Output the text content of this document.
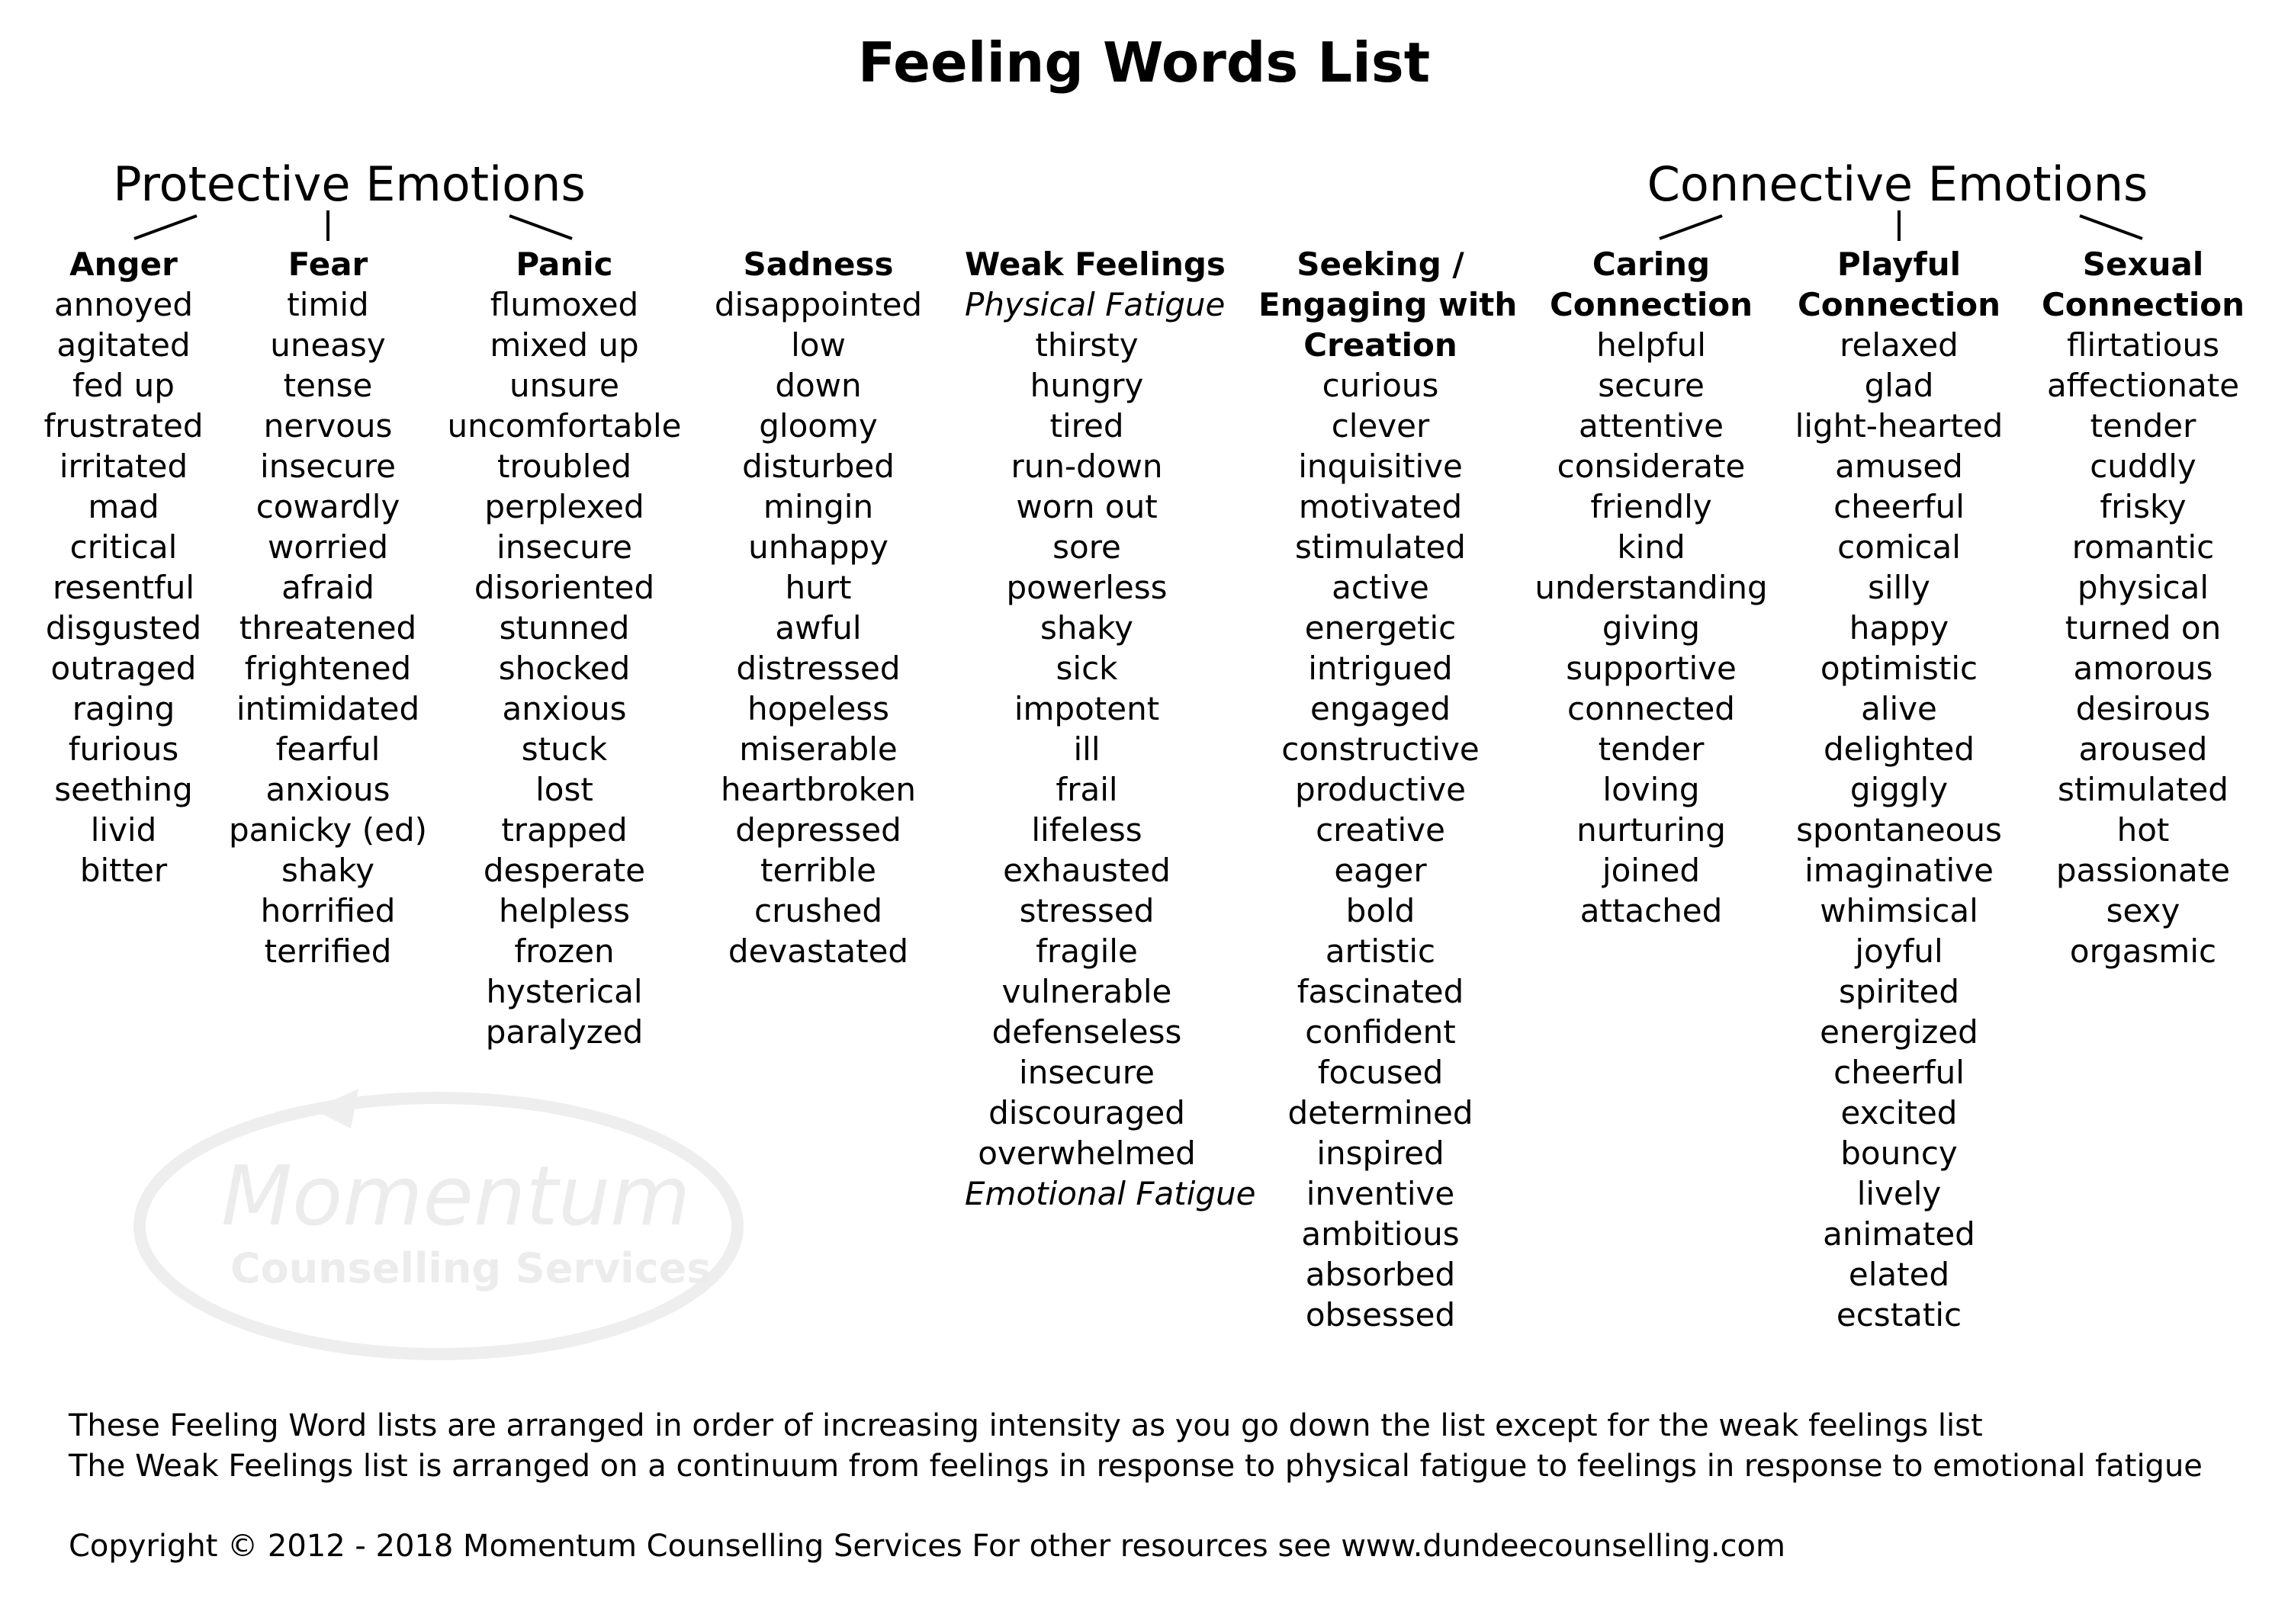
Feeling Words List
Protective Emotions	Connective Emotions
Anger
annoyed
agitated
fed up
frustrated
irritated
mad
critical
resentful
disgusted
outraged
raging
furious
seething
livid
bitter
Fear
timid
uneasy
tense
nervous
insecure
cowardly
worried
afraid
threatened
frightened
intimidated
fearful
anxious
panicky (ed)
shaky
horrified
terrified
Panic
flumoxed
mixed up
unsure
uncomfortable
troubled
perplexed
insecure
disoriented
stunned
shocked
anxious
stuck
lost
trapped
desperate
helpless
frozen
hysterical
paralyzed
Sadness
disappointed
low
down
gloomy
disturbed
mingin
unhappy
hurt
awful
distressed
hopeless
miserable
heartbroken
depressed
terrible
crushed
devastated
Weak Feelings
Physical Fatigue
thirsty
hungry
tired
run-down
worn out
sore
powerless
shaky
sick
impotent
ill
frail
lifeless
exhausted
stressed
fragile
vulnerable
defenseless
insecure
discouraged
overwhelmed
Emotional Fatigue
Seeking /
Engaging with
Creation
curious
clever
inquisitive
motivated
stimulated
active
energetic
intrigued
engaged
constructive
productive
creative
eager
bold
artistic
fascinated
confident
focused
determined
inspired
inventive
ambitious
absorbed
obsessed
Caring
Connection
helpful
secure
attentive
considerate
friendly
kind
understanding
giving
supportive
connected
tender
loving
nurturing
joined
attached
Playful
Connection
relaxed
glad
light-hearted
amused
cheerful
comical
silly
happy
optimistic
alive
delighted
giggly
spontaneous
imaginative
whimsical
joyful
spirited
energized
cheerful
excited
bouncy
lively
animated
elated
ecstatic
Sexual
Connection
flirtatious
affectionate
tender
cuddly
frisky
romantic
physical
turned on
amorous
desirous
aroused
stimulated
hot
passionate
sexy
orgasmic
Momentum
Counselling Services

These Feeling Word lists are arranged in order of increasing intensity as you go down the list except for the weak feelings list

The Weak Feelings list is arranged on a continuum from feelings in response to physical fatigue to feelings in response to emotional fatigue

Copyright © 2012 - 2018 Momentum Counselling Services For other resources see www.dundeecounselling.com
